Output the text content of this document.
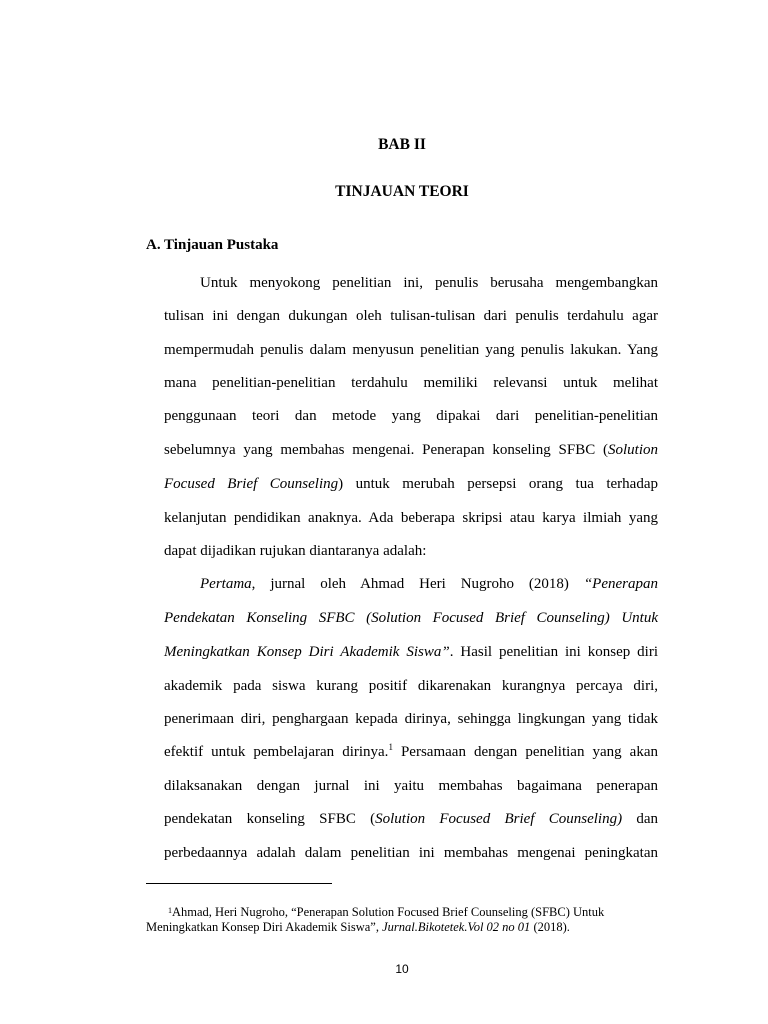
BAB II
TINJAUAN TEORI
A. Tinjauan Pustaka
Untuk menyokong penelitian ini, penulis berusaha mengembangkan
tulisan ini dengan dukungan oleh tulisan-tulisan dari penulis terdahulu agar
mempermudah penulis dalam menyusun penelitian yang penulis lakukan. Yang
mana penelitian-penelitian terdahulu memiliki relevansi untuk melihat
penggunaan teori dan metode yang dipakai dari penelitian-penelitian
sebelumnya yang membahas mengenai. Penerapan konseling SFBC (Solution
Focused Brief Counseling) untuk merubah persepsi orang tua terhadap
kelanjutan pendidikan anaknya. Ada beberapa skripsi atau karya ilmiah yang
dapat dijadikan rujukan diantaranya adalah:
Pertama, jurnal oleh Ahmad Heri Nugroho (2018) “Penerapan
Pendekatan Konseling SFBC (Solution Focused Brief Counseling) Untuk
Meningkatkan Konsep Diri Akademik Siswa”. Hasil penelitian ini konsep diri
akademik pada siswa kurang positif dikarenakan kurangnya percaya diri,
penerimaan diri, penghargaan kepada dirinya, sehingga lingkungan yang tidak
efektif untuk pembelajaran dirinya.$^1$ Persamaan dengan penelitian yang akan
dilaksanakan dengan jurnal ini yaitu membahas bagaimana penerapan
pendekatan konseling SFBC (Solution Focused Brief Counseling) dan
perbedaannya adalah dalam penelitian ini membahas mengenai peningkatan
$^1$Ahmad, Heri Nugroho, “Penerapan Solution Focused Brief Counseling (SFBC) Untuk
Meningkatkan Konsep Diri Akademik Siswa”, Jurnal.Bikotetek.Vol 02 no 01 (2018).
10
